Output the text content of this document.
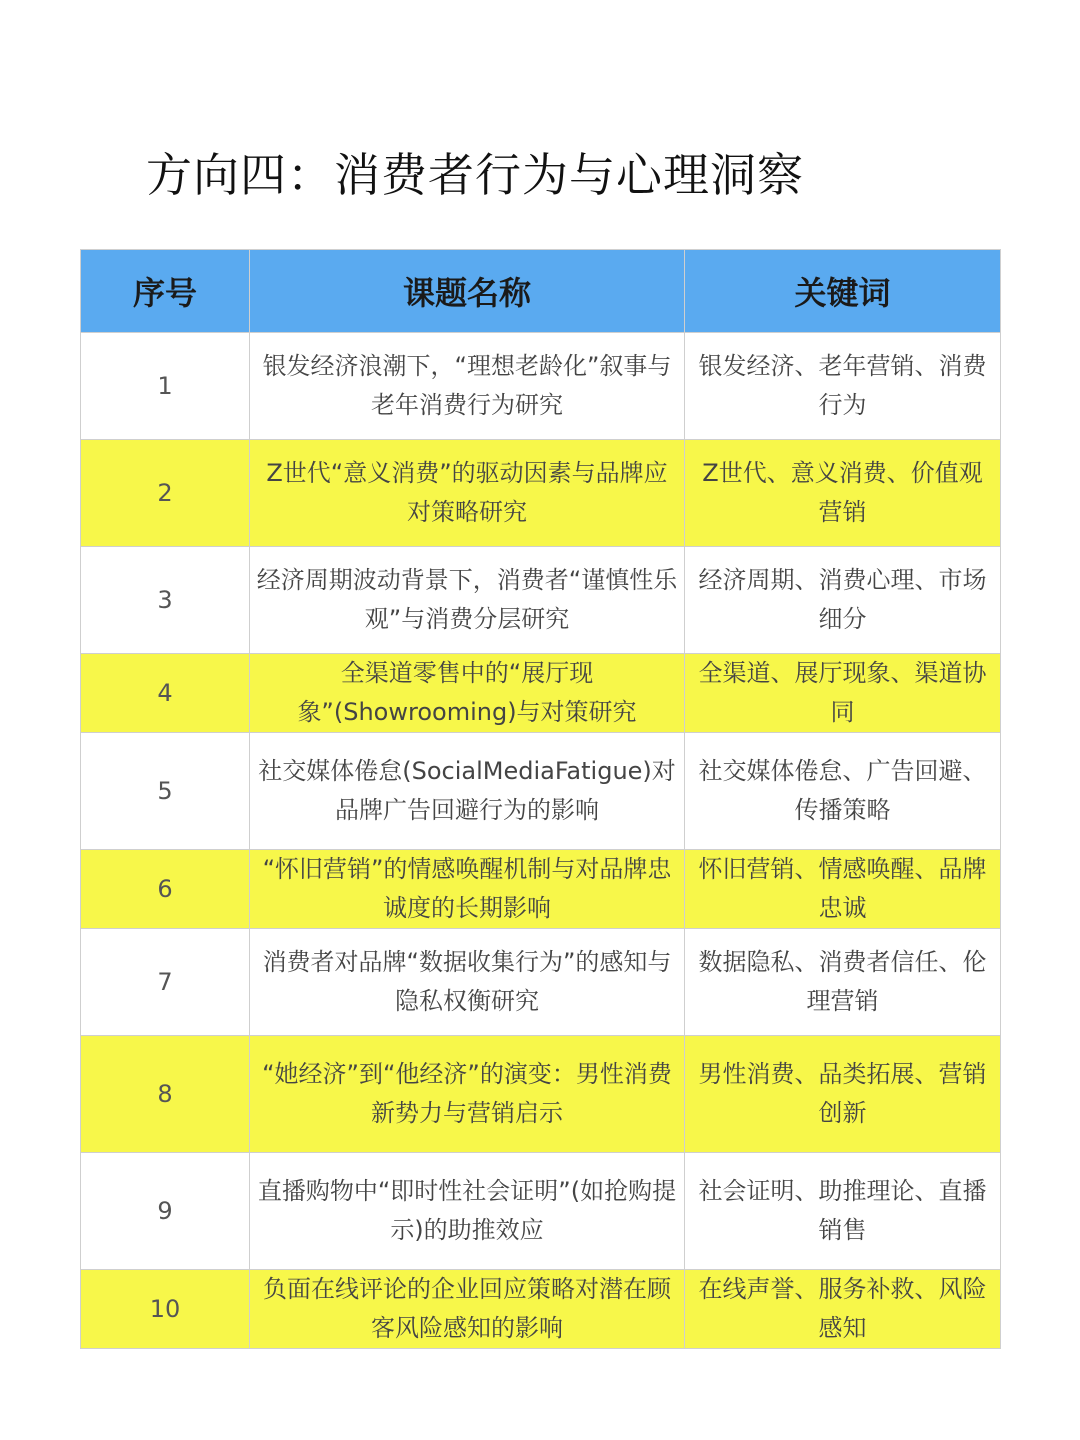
方向四：消费者行为与心理洞察
序号	课题名称	关键词
1	银发经济浪潮下，“理想老龄化”叙事与老年消费行为研究	银发经济、老年营销、消费行为
2	Z世代“意义消费”的驱动因素与品牌应对策略研究	Z世代、意义消费、价值观营销
3	经济周期波动背景下，消费者“谨慎性乐观”与消费分层研究	经济周期、消费心理、市场细分
4	全渠道零售中的“展厅现象”(Showrooming)与对策研究	全渠道、展厅现象、渠道协同
5	社交媒体倦怠(SocialMediaFatigue)对品牌广告回避行为的影响	社交媒体倦怠、广告回避、传播策略
6	“怀旧营销”的情感唤醒机制与对品牌忠诚度的长期影响	怀旧营销、情感唤醒、品牌忠诚
7	消费者对品牌“数据收集行为”的感知与隐私权衡研究	数据隐私、消费者信任、伦理营销
8	“她经济”到“他经济”的演变：男性消费新势力与营销启示	男性消费、品类拓展、营销创新
9	直播购物中“即时性社会证明”(如抢购提示)的助推效应	社会证明、助推理论、直播销售
10	负面在线评论的企业回应策略对潜在顾客风险感知的影响	在线声誉、服务补救、风险感知
